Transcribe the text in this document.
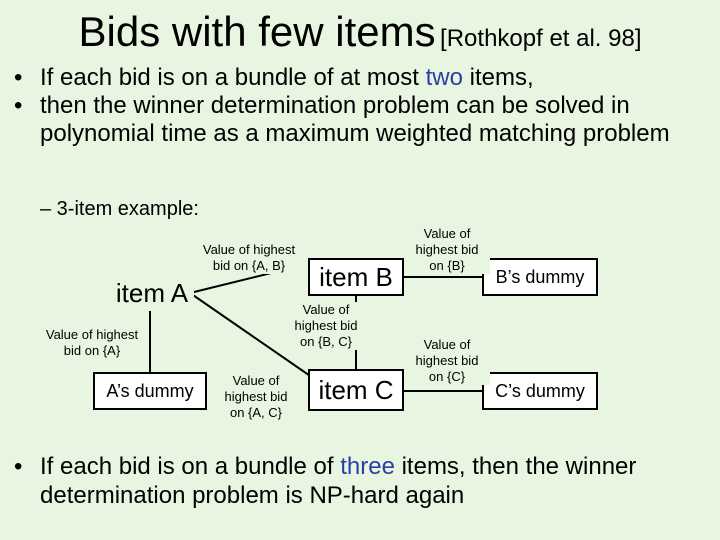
Bids with few items [Rothkopf et al. 98]
• If each bid is on a bundle of at most two items,
• then the winner determination problem can be solved in polynomial time as a maximum weighted matching problem
– 3-item example:
item A
item B
item C
A’s dummy
B’s dummy
C’s dummy
Value of highest
bid on {A, B}
Value of highest
bid on {A}
Value of
highest bid
on {B, C}
Value of
highest bid
on {A, C}
Value of
highest bid
on {B}
Value of
highest bid
on {C}
• If each bid is on a bundle of three items, then the winner determination problem is NP-hard again
